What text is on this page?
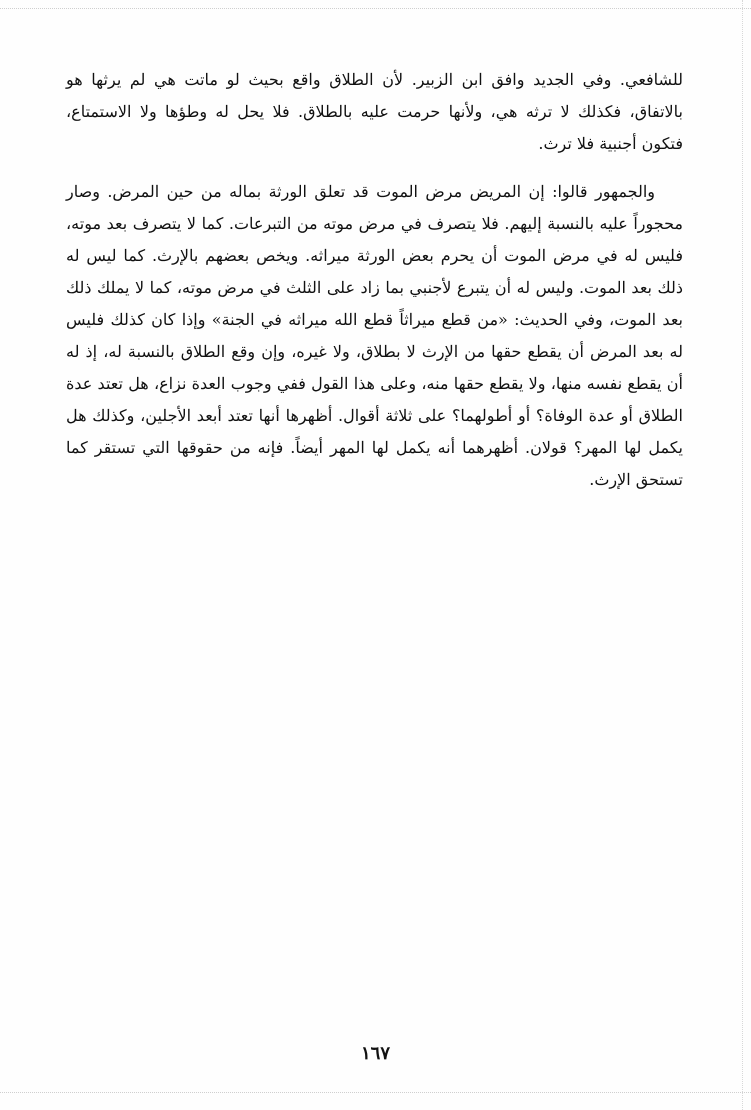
للشافعي. وفي الجديد وافق ابن الزبير. لأن الطلاق واقع بحيث لو ماتت هي لم يرثها هو بالاتفاق، فكذلك لا ترثه هي، ولأنها حرمت عليه بالطلاق. فلا يحل له وطؤها ولا الاستمتاع، فتكون أجنبية فلا ترث.

والجمهور قالوا: إن المريض مرض الموت قد تعلق الورثة بماله من حين المرض. وصار محجوراً عليه بالنسبة إليهم. فلا يتصرف في مرض موته من التبرعات. كما لا يتصرف بعد موته، فليس له في مرض الموت أن يحرم بعض الورثة ميراثه. ويخص بعضهم بالإرث. كما ليس له ذلك بعد الموت. وليس له أن يتبرع لأجنبي بما زاد على الثلث في مرض موته، كما لا يملك ذلك بعد الموت، وفي الحديث: «من قطع ميراثاً قطع الله ميراثه في الجنة» وإذا كان كذلك فليس له بعد المرض أن يقطع حقها من الإرث لا بطلاق، ولا غيره، وإن وقع الطلاق بالنسبة له، إذ له أن يقطع نفسه منها، ولا يقطع حقها منه، وعلى هذا القول ففي وجوب العدة نزاع، هل تعتد عدة الطلاق أو عدة الوفاة؟ أو أطولهما؟ على ثلاثة أقوال. أظهرها أنها تعتد أبعد الأجلين، وكذلك هل يكمل لها المهر؟ قولان. أظهرهما أنه يكمل لها المهر أيضاً. فإنه من حقوقها التي تستقر كما تستحق الإرث.

١٦٧
